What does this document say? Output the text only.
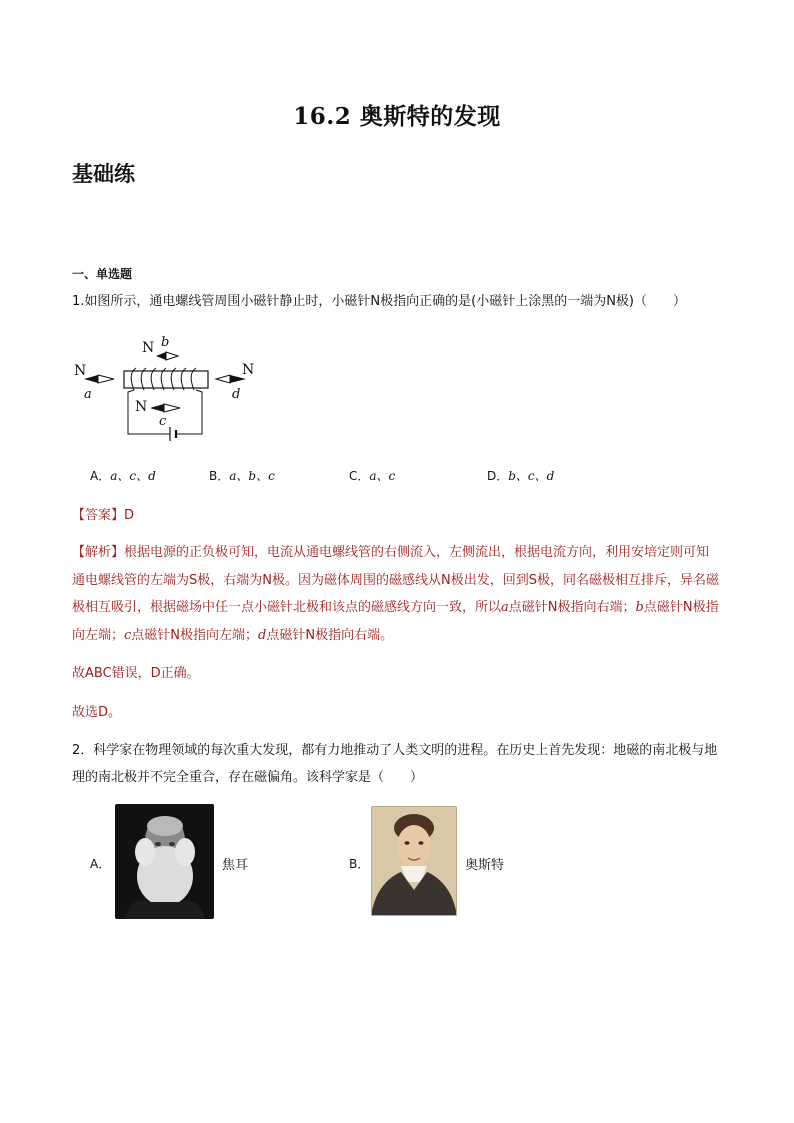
16.2 奥斯特的发现
基础练
一、单选题
1.如图所示，通电螺线管周围小磁针静止时，小磁针N极指向正确的是(小磁针上涂黑的一端为N极)（　　）
N b
N
a
N
d
N
c
A．a、c、d	B．a、b、c	C．a、c	D．b、c、d
【答案】D
【解析】根据电源的正负极可知，电流从通电螺线管的右侧流入，左侧流出，根据电流方向，利用安培定则可知通电螺线管的左端为S极，右端为N极。因为磁体周围的磁感线从N极出发，回到S极，同名磁极相互排斥，异名磁极相互吸引，根据磁场中任一点小磁针北极和该点的磁感线方向一致，所以a点磁针N极指向右端；b点磁针N极指向左端；c点磁针N极指向左端；d点磁针N极指向右端。
故ABC错误，D正确。
故选D。
2．科学家在物理领域的每次重大发现，都有力地推动了人类文明的进程。在历史上首先发现：地磁的南北极与地理的南北极并不完全重合，存在磁偏角。该科学家是（　　）
A．	焦耳	B．	奥斯特
